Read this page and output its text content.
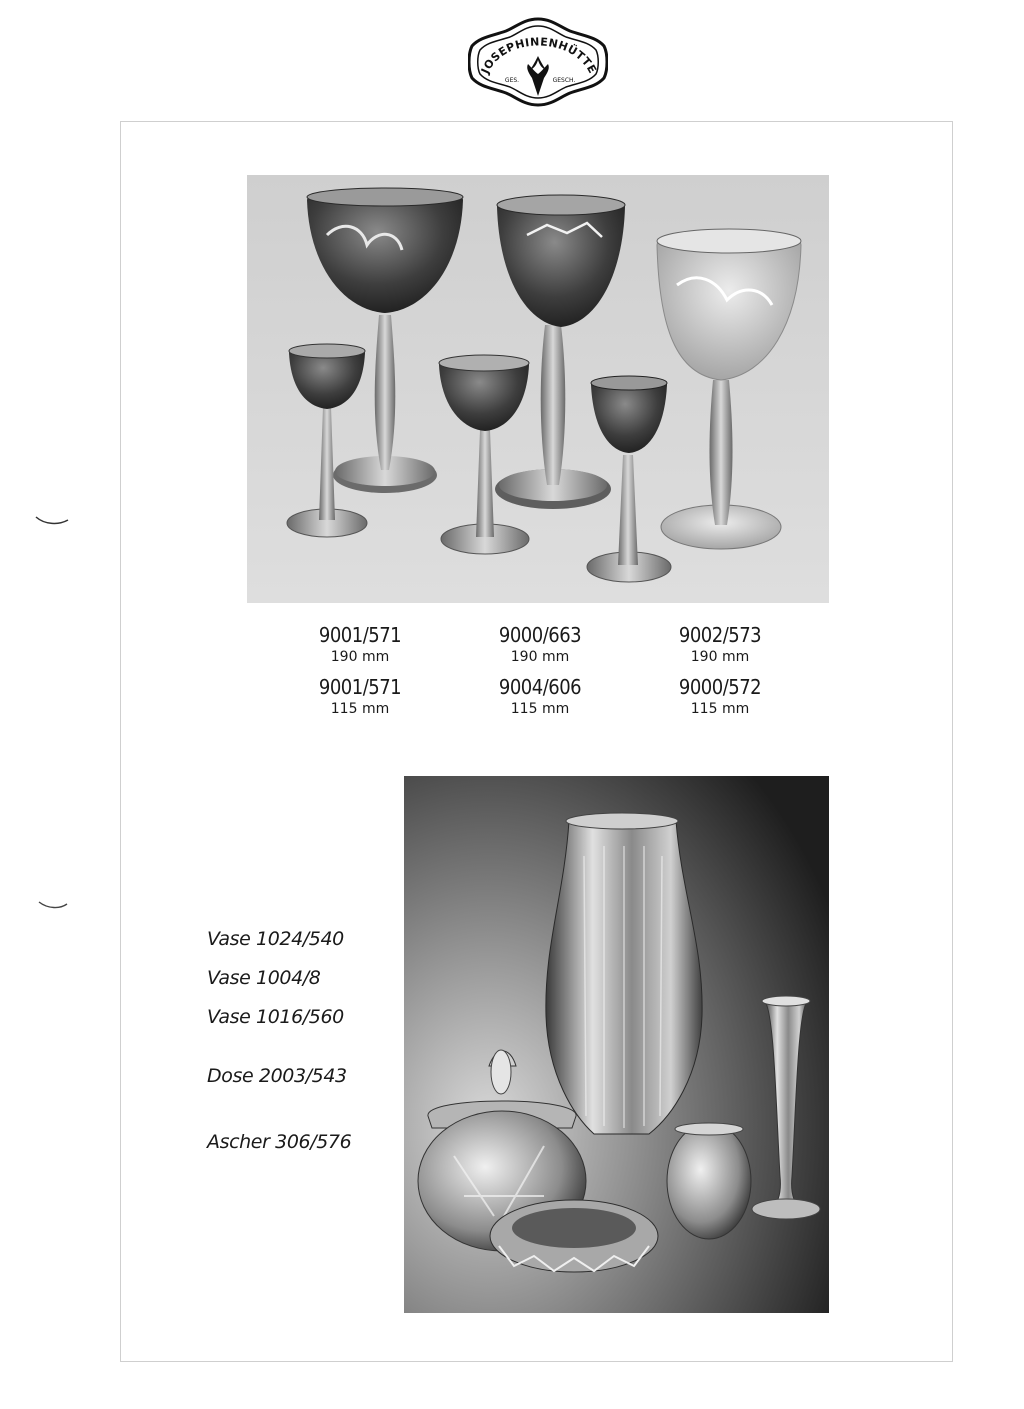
JOSEPHINENHÜTTE
GES.	GESCH.
9001/571
190 mm
9000/663
190 mm
9002/573
190 mm
9001/571
115 mm
9004/606
115 mm
9000/572
115 mm
Vase 1024/540
Vase 1004/8
Vase 1016/560
Dose 2003/543
Ascher 306/576
